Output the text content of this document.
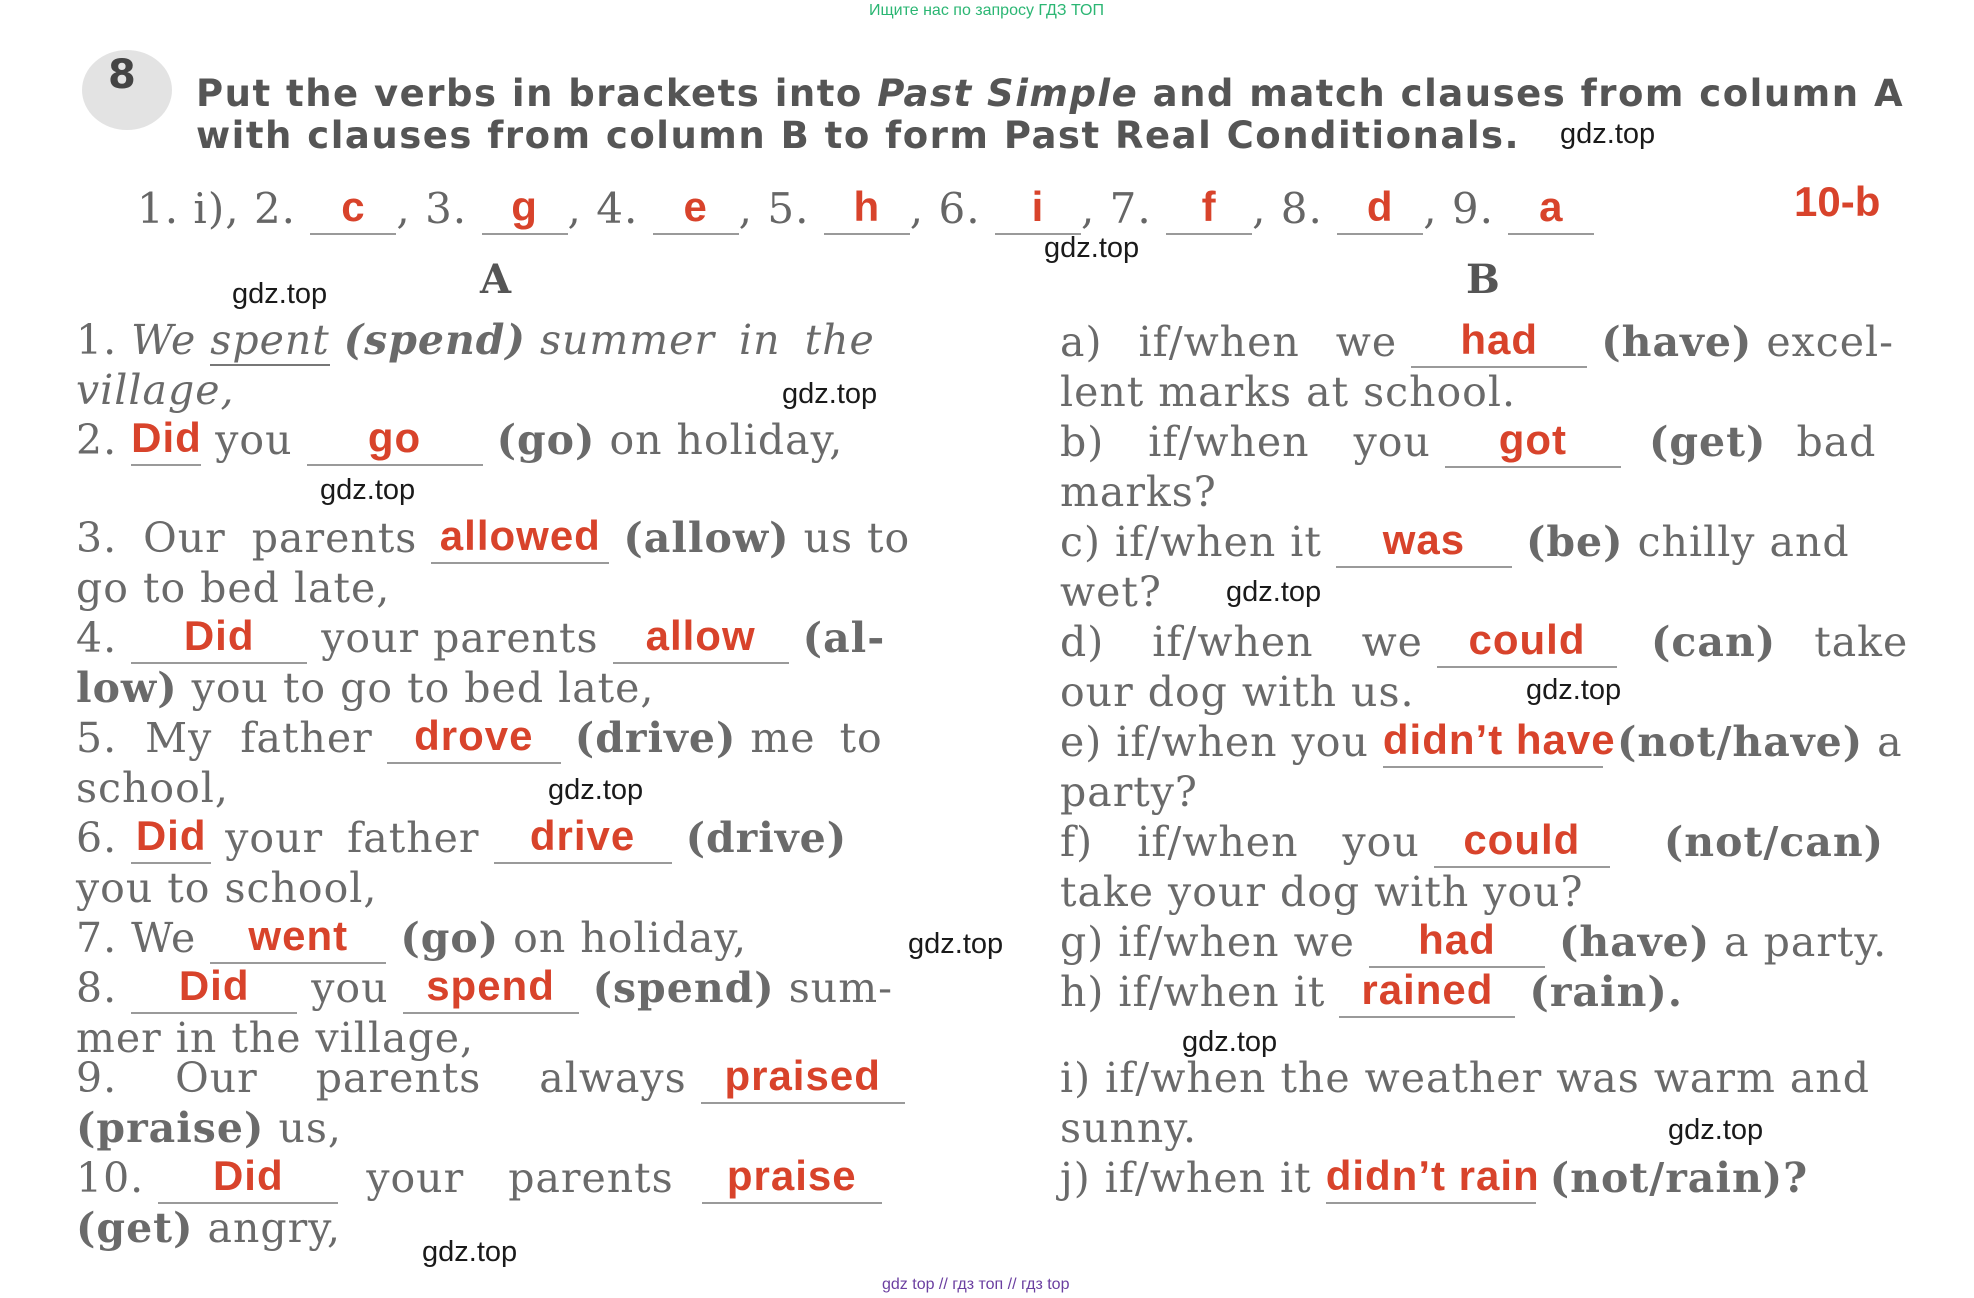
Ищите нас по запросу ГДЗ ТОП
8 Put the verbs in brackets into Past Simple and match clauses from column A
with clauses from column B to form Past Real Conditionals.
1. i), 2.	c , 3.	g , 4.	e , 5.	h , 6.	i , 7.	f , 8.	d , 9.	a
	10-b
A	B
1. We spent (spend) summer in the
village,
2. Did you	go	(go) on holiday,
3. Our parents allowed (allow) us to
go to bed late,
4.	Did	your parents	allow	(al-
low) you to go to bed late,
5. My father drove	(drive) me to
school,
6. Did your father	drive	(drive)
you to school,
7. We	went	(go) on holiday,
8.	Did	you spend (spend) sum-
mer in the village,
9. Our parents always praised

(praise) us,
10.	Did	your parents	praise

(get) angry,
a) if/when we	had	(have) excel-
lent marks at school.
b) if/when you	got	(get) bad
marks?
c) if/when it	was	(be) chilly and
wet?
d) if/when we	could	(can) take
our dog with us.
e) if/when you didn’t have (not/have) a
party?
f) if/when you	could	(not/can)
take your dog with you?
g) if/when we	had	(have) a party.
h) if/when it rained (rain).
i) if/when the weather was warm and
sunny.
j) if/when it didn’t rain (not/rain)?
gdz.top
gdz.top
gdz.top
gdz.top
gdz.top
gdz.top
gdz.top
gdz.top
gdz.top
gdz.top
gdz.top
gdz.top
gdz top // гдз топ // гдз top
